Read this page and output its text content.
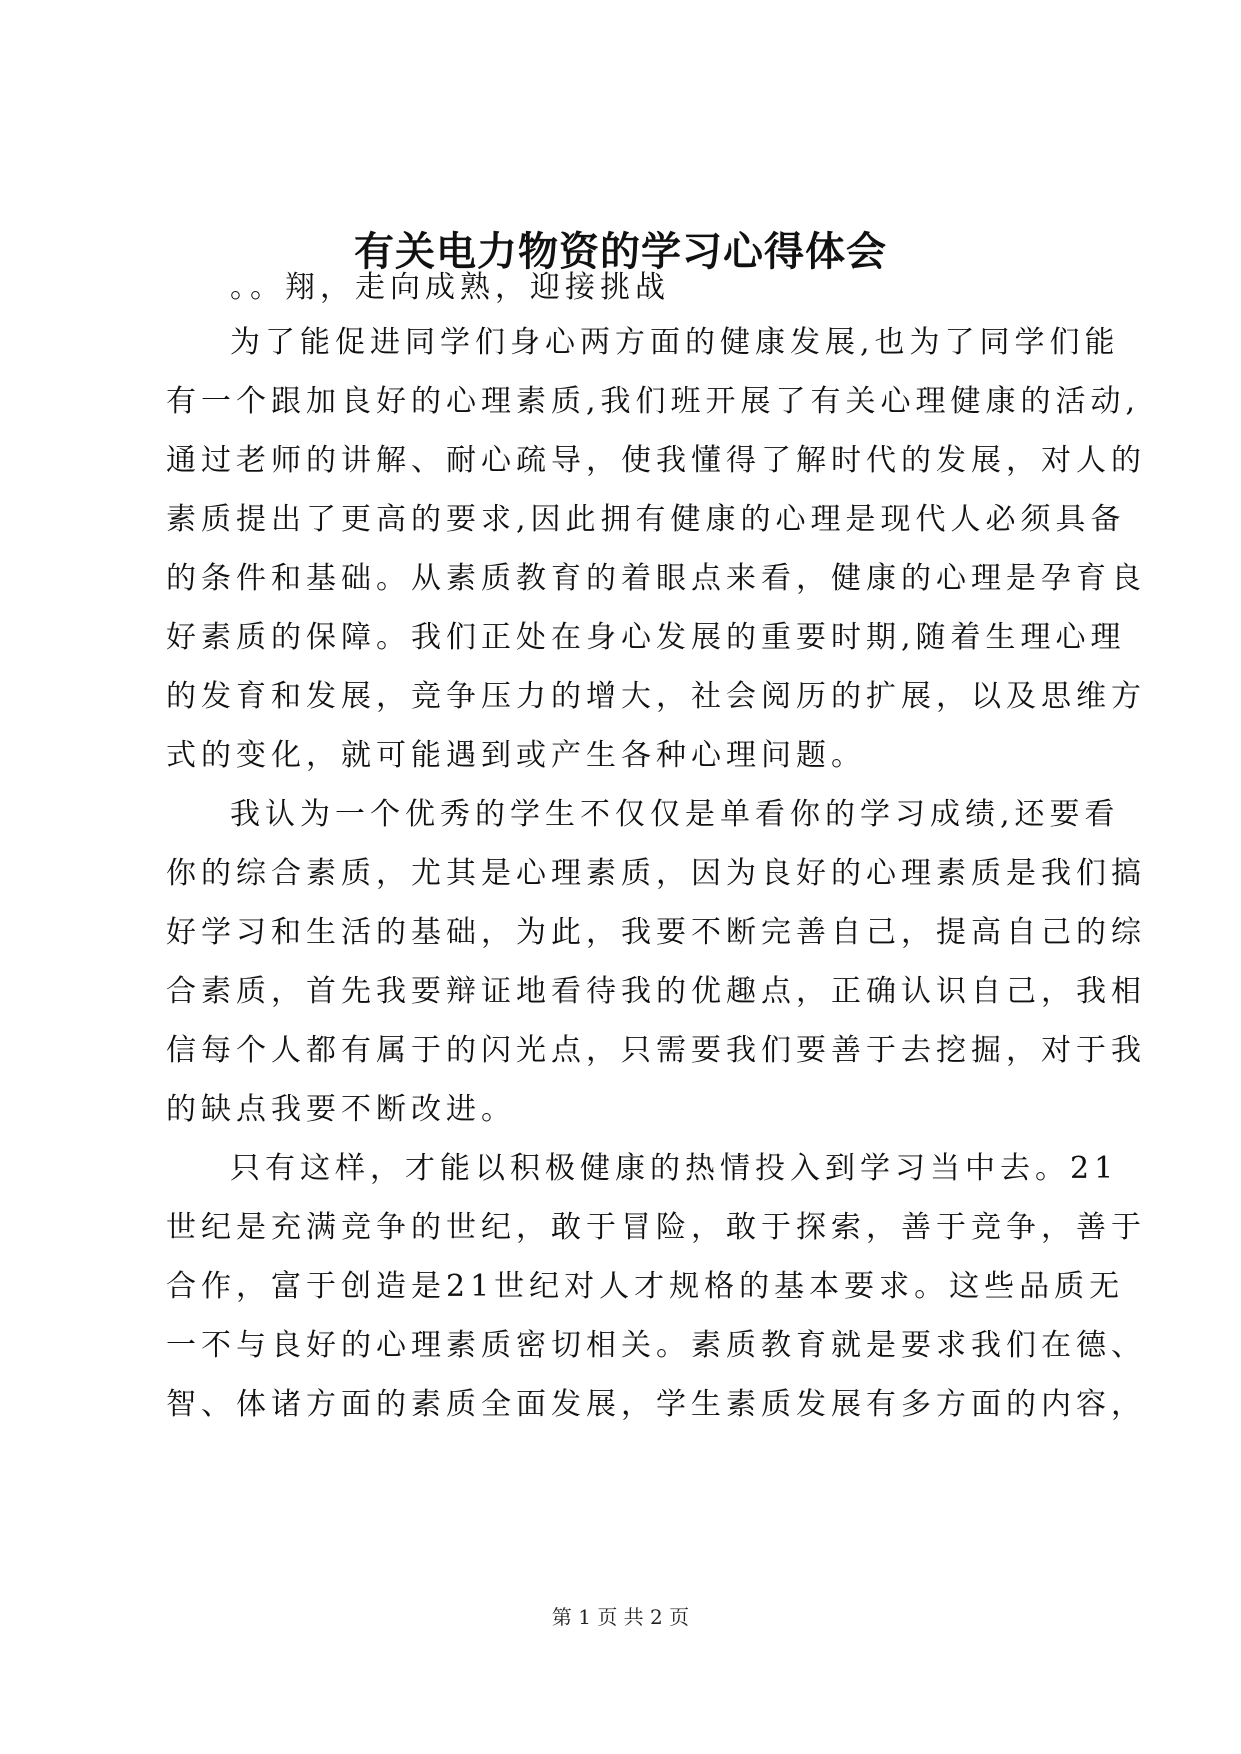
有关电力物资的学习心得体会
。。翔，走向成熟，迎接挑战
为了能促进同学们身心两方面的健康发展,也为了同学们能
有一个跟加良好的心理素质,我们班开展了有关心理健康的活动,
通过老师的讲解、耐心疏导，使我懂得了解时代的发展，对人的
素质提出了更高的要求,因此拥有健康的心理是现代人必须具备
的条件和基础。从素质教育的着眼点来看，健康的心理是孕育良
好素质的保障。我们正处在身心发展的重要时期,随着生理心理
的发育和发展，竞争压力的增大，社会阅历的扩展，以及思维方
式的变化，就可能遇到或产生各种心理问题。
我认为一个优秀的学生不仅仅是单看你的学习成绩,还要看
你的综合素质，尤其是心理素质，因为良好的心理素质是我们搞
好学习和生活的基础，为此，我要不断完善自己，提高自己的综
合素质，首先我要辩证地看待我的优趣点，正确认识自己，我相
信每个人都有属于的闪光点，只需要我们要善于去挖掘，对于我
的缺点我要不断改进。
只有这样，才能以积极健康的热情投入到学习当中去。21
世纪是充满竞争的世纪，敢于冒险，敢于探索，善于竞争，善于
合作，富于创造是21世纪对人才规格的基本要求。这些品质无
一不与良好的心理素质密切相关。素质教育就是要求我们在德、
智、体诸方面的素质全面发展，学生素质发展有多方面的内容，
第 1 页 共 2 页
